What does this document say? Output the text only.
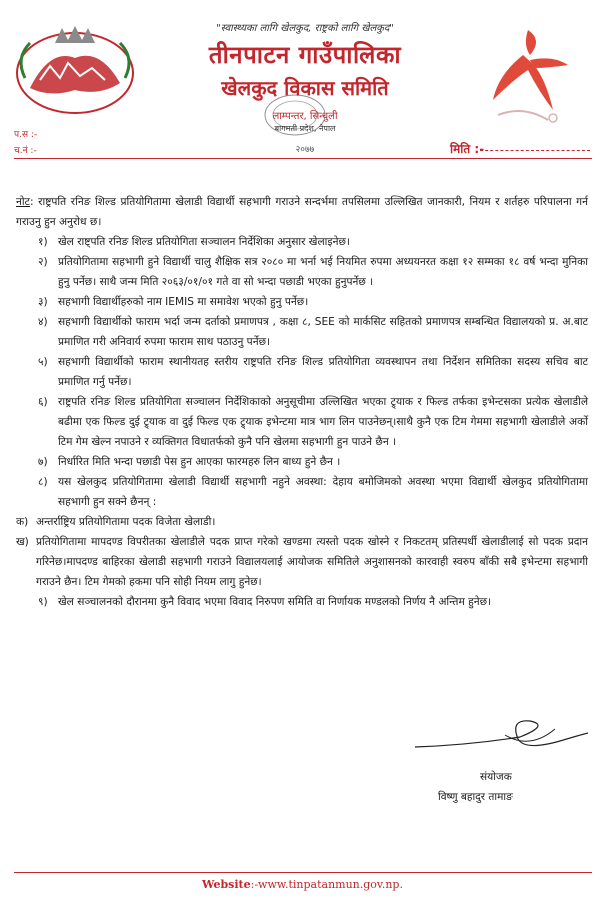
"स्वास्थ्यका लागि खेलकुद, राष्ट्रको लागि खेलकुद"
तीनपाटन गाउँपालिका
खेलकुद विकास समिति
लाम्पन्तर, सिन्धुली
बागमती प्रदेश, नेपाल
२०७७
प.स :-
च.नं :-	मिति :-
नोट: राष्ट्रपति रनिङ शिल्ड प्रतियोगितामा खेलाडी विद्यार्थी सहभागी गराउने सन्दर्भमा तपसिलमा उल्लिखित जानकारी, नियम र शर्तहरु परिपालना गर्न गराउनु हुन अनुरोध छ।
१) खेल राष्ट्पति रनिङ शिल्ड प्रतियोगिता सञ्चालन निर्देशिका अनुसार खेलाइनेछ।
२) प्रतियोगितामा सहभागी हुने विद्यार्थी चालु शैक्षिक सत्र २०८० मा भर्ना भई नियमित रुपमा अध्ययनरत कक्षा १२ सम्मका १८ वर्ष भन्दा मुनिका हुनु पर्नेछ। साथै जन्म मिति २०६३/०१/०१ गते वा सो भन्दा पछाडी भएका हुनुपर्नेछ ।
३) सहभागी विद्यार्थीहरुको नाम IEMIS मा समावेश भएको हुनु पर्नेछ।
४) सहभागी विद्यार्थीको फाराम भर्दा जन्म दर्ताको प्रमाणपत्र , कक्षा ८, SEE को मार्कसिट सहितको प्रमाणपत्र सम्बन्धित विद्यालयको प्र. अ.बाट प्रमाणित गरी अनिवार्य रुपमा फाराम साथ पठाउनु पर्नेछ।
५) सहभागी विद्यार्थीको फाराम स्थानीयतह स्तरीय राष्ट्रपति रनिङ शिल्ड प्रतियोगिता व्यवस्थापन तथा निर्देशन समितिका सदस्य सचिव बाट प्रमाणित गर्नु पर्नेछ।
६) राष्ट्रपति रनिङ शिल्ड प्रतियोगिता सञ्चालन निर्देशिकाको अनुसूचीमा उल्लिखित भएका ट्र्याक र फिल्ड तर्फका इभेन्टसका प्रत्येक खेलाडीले बढीमा एक फिल्ड दुई ट्र्याक वा दुई फिल्ड एक ट्र्याक इभेन्टमा मात्र भाग लिन पाउनेछन्।साथै कुनै एक टिम गेममा सहभागी खेलाडीले अर्को टिम गेम खेल्न नपाउने र व्यक्तिगत विधातर्फको कुनै पनि खेलमा सहभागी हुन पाउने छैन ।
७) निर्धारित मिति भन्दा पछाडी पेस हुन आएका फारमहरु लिन बाध्य हुने छैन ।
८) यस खेलकुद प्रतियोगितामा खेलाडी विद्यार्थी सहभागी नहुने अवस्था: देहाय बमोजिमको अवस्था भएमा विद्यार्थी खेलकुद प्रतियोगितामा सहभागी हुन सक्ने छैनन् :
क) अन्तर्राष्ट्रिय प्रतियोगितामा पदक विजेता खेलाडी।
ख) प्रतियोगितामा मापदण्ड विपरीतका खेलाडीले पदक प्राप्त गरेको खण्डमा त्यस्तो पदक खोस्ने र निकटतम् प्रतिस्पर्धी खेलाडीलाई सो पदक प्रदान गरिनेछ।मापदण्ड बाहिरका खेलाडी सहभागी गराउने विद्यालयलाई आयोजक समितिले अनुशासनको कारवाही स्वरुप बाँकी सबै इभेन्टमा सहभागी गराउने छैन। टिम गेमको हकमा पनि सोही नियम लागु हुनेछ।
९) खेल सञ्चालनको दौरानमा कुनै विवाद भएमा विवाद निरुपण समिति वा निर्णायक मण्डलको निर्णय नै अन्तिम हुनेछ।
संयोजक
विष्णु बहादुर तामाङ
Website:-www.tinpatanmun.gov.np.
